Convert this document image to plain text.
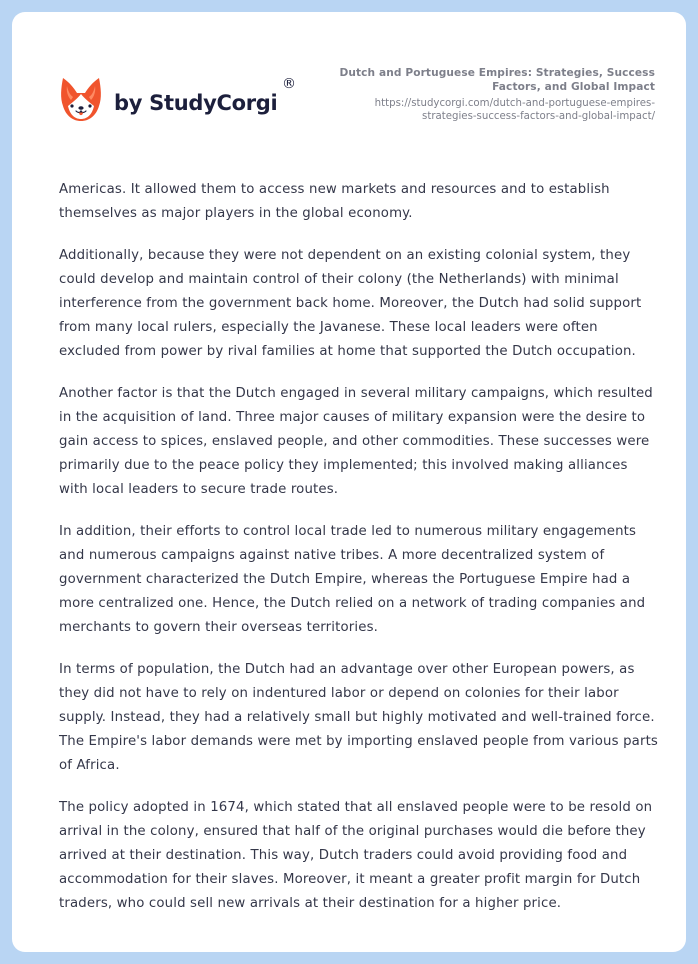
by StudyCorgi
®
Dutch and Portuguese Empires: Strategies, Success Factors, and Global Impact
https://studycorgi.com/dutch-and-portuguese-empires-strategies-success-factors-and-global-impact/

Americas. It allowed them to access new markets and resources and to establish themselves as major players in the global economy.

Additionally, because they were not dependent on an existing colonial system, they could develop and maintain control of their colony (the Netherlands) with minimal interference from the government back home. Moreover, the Dutch had solid support from many local rulers, especially the Javanese. These local leaders were often excluded from power by rival families at home that supported the Dutch occupation.

Another factor is that the Dutch engaged in several military campaigns, which resulted in the acquisition of land. Three major causes of military expansion were the desire to gain access to spices, enslaved people, and other commodities. These successes were primarily due to the peace policy they implemented; this involved making alliances with local leaders to secure trade routes.

In addition, their efforts to control local trade led to numerous military engagements and numerous campaigns against native tribes. A more decentralized system of government characterized the Dutch Empire, whereas the Portuguese Empire had a more centralized one. Hence, the Dutch relied on a network of trading companies and merchants to govern their overseas territories.

In terms of population, the Dutch had an advantage over other European powers, as they did not have to rely on indentured labor or depend on colonies for their labor supply. Instead, they had a relatively small but highly motivated and well-trained force. The Empire's labor demands were met by importing enslaved people from various parts of Africa.

The policy adopted in 1674, which stated that all enslaved people were to be resold on arrival in the colony, ensured that half of the original purchases would die before they arrived at their destination. This way, Dutch traders could avoid providing food and accommodation for their slaves. Moreover, it meant a greater profit margin for Dutch traders, who could sell new arrivals at their destination for a higher price.
